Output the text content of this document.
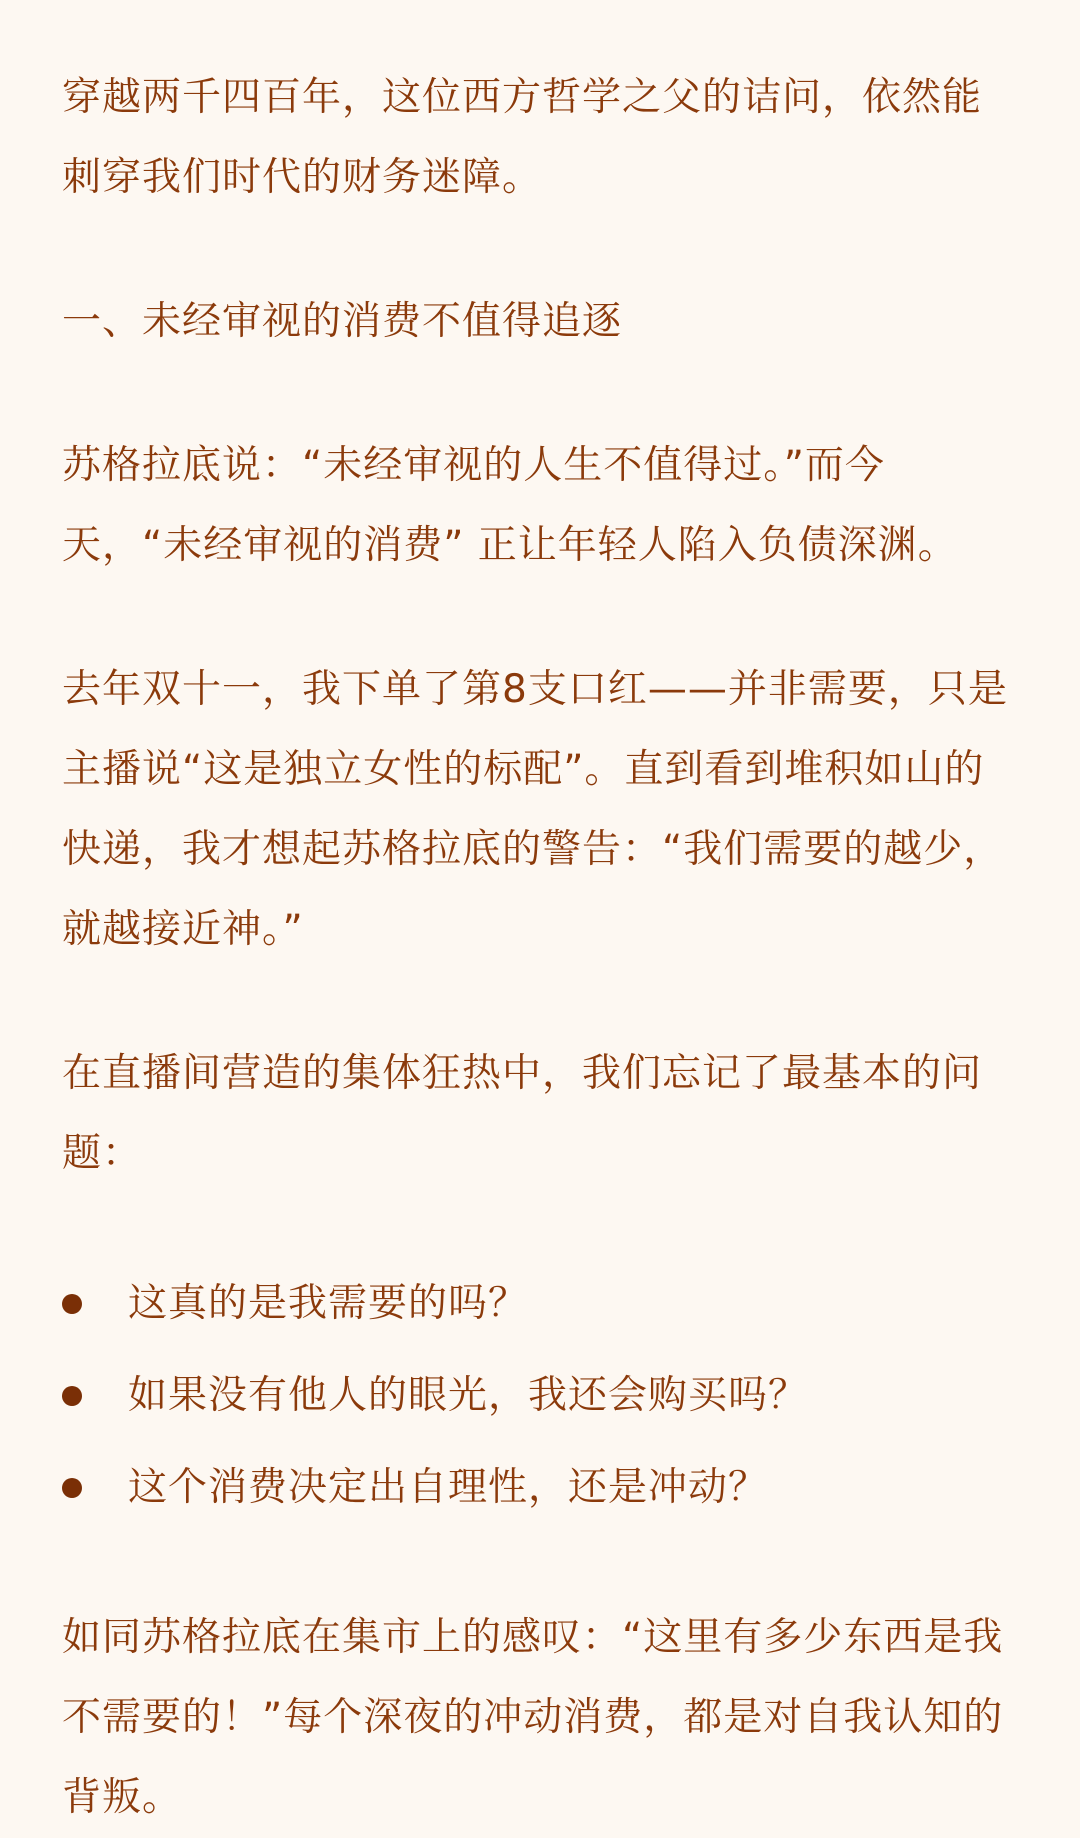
穿越两千四百年，这位西方哲学之父的诘问，依然能
刺穿我们时代的财务迷障。

一、未经审视的消费不值得追逐

苏格拉底说：“未经审视的人生不值得过。”而今
天，“未经审视的消费” 正让年轻人陷入负债深渊。

去年双十一，我下单了第8支口红——并非需要，只是
主播说“这是独立女性的标配”。直到看到堆积如山的
快递，我才想起苏格拉底的警告：“我们需要的越少，
就越接近神。”

在直播间营造的集体狂热中，我们忘记了最基本的问
题：

这真的是我需要的吗？
如果没有他人的眼光，我还会购买吗？
这个消费决定出自理性，还是冲动？

如同苏格拉底在集市上的感叹：“这里有多少东西是我
不需要的！”每个深夜的冲动消费，都是对自我认知的
背叛。
